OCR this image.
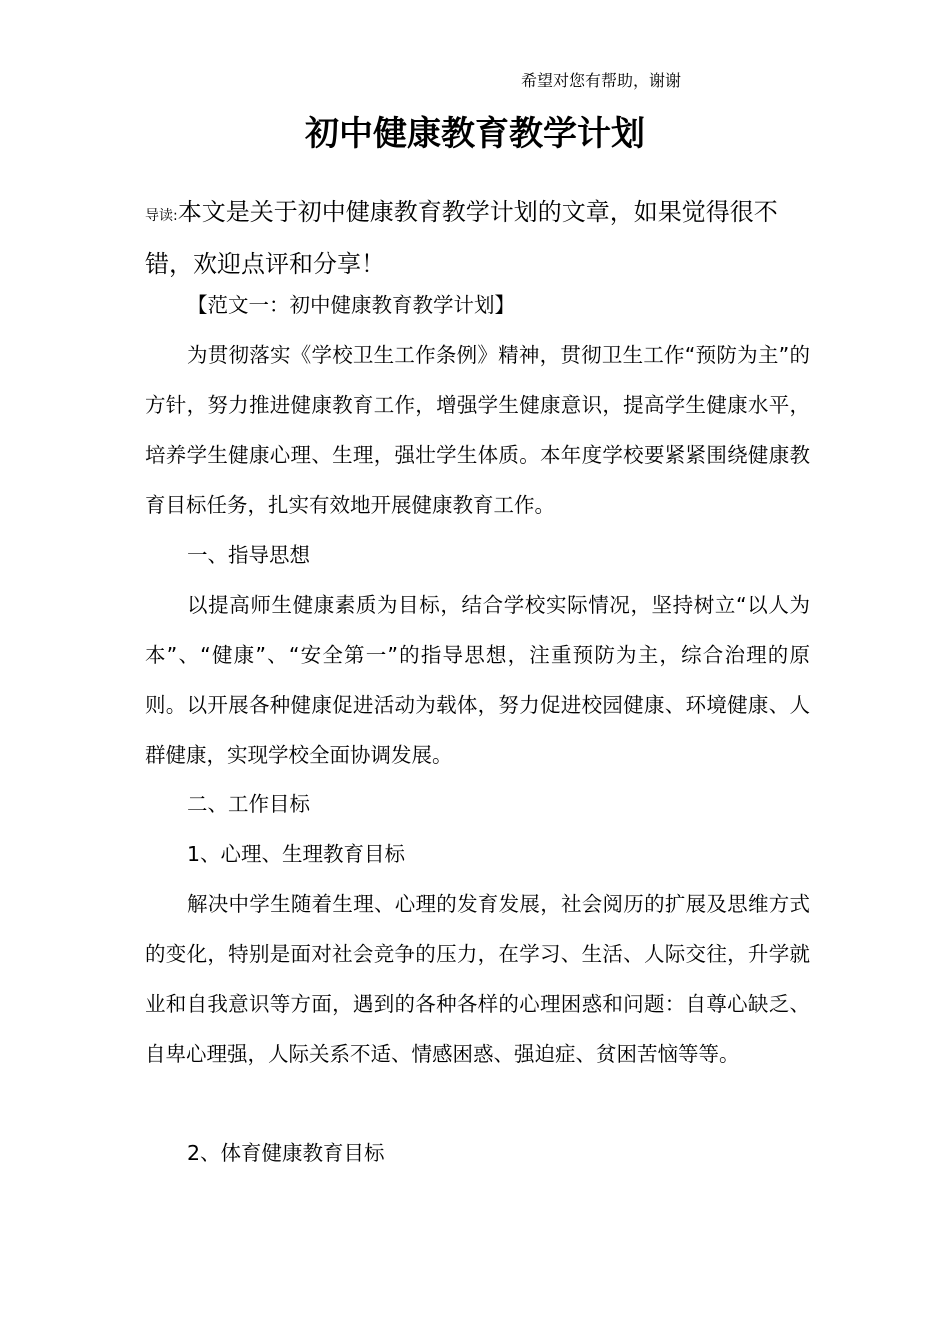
希望对您有帮助，谢谢
初中健康教育教学计划
导读:本文是关于初中健康教育教学计划的文章，如果觉得很不错，欢迎点评和分享！
【范文一：初中健康教育教学计划】
为贯彻落实《学校卫生工作条例》精神，贯彻卫生工作“预防为主”的方针，努力推进健康教育工作，增强学生健康意识，提高学生健康水平，培养学生健康心理、生理，强壮学生体质。本年度学校要紧紧围绕健康教育目标任务，扎实有效地开展健康教育工作。
一、指导思想
以提高师生健康素质为目标，结合学校实际情况，坚持树立“以人为本”、“健康”、“安全第一”的指导思想，注重预防为主，综合治理的原则。以开展各种健康促进活动为载体，努力促进校园健康、环境健康、人群健康，实现学校全面协调发展。
二、工作目标
1、心理、生理教育目标
解决中学生随着生理、心理的发育发展，社会阅历的扩展及思维方式的变化，特别是面对社会竞争的压力，在学习、生活、人际交往，升学就业和自我意识等方面，遇到的各种各样的心理困惑和问题：自尊心缺乏、自卑心理强，人际关系不适、情感困惑、强迫症、贫困苦恼等等。
2、体育健康教育目标
